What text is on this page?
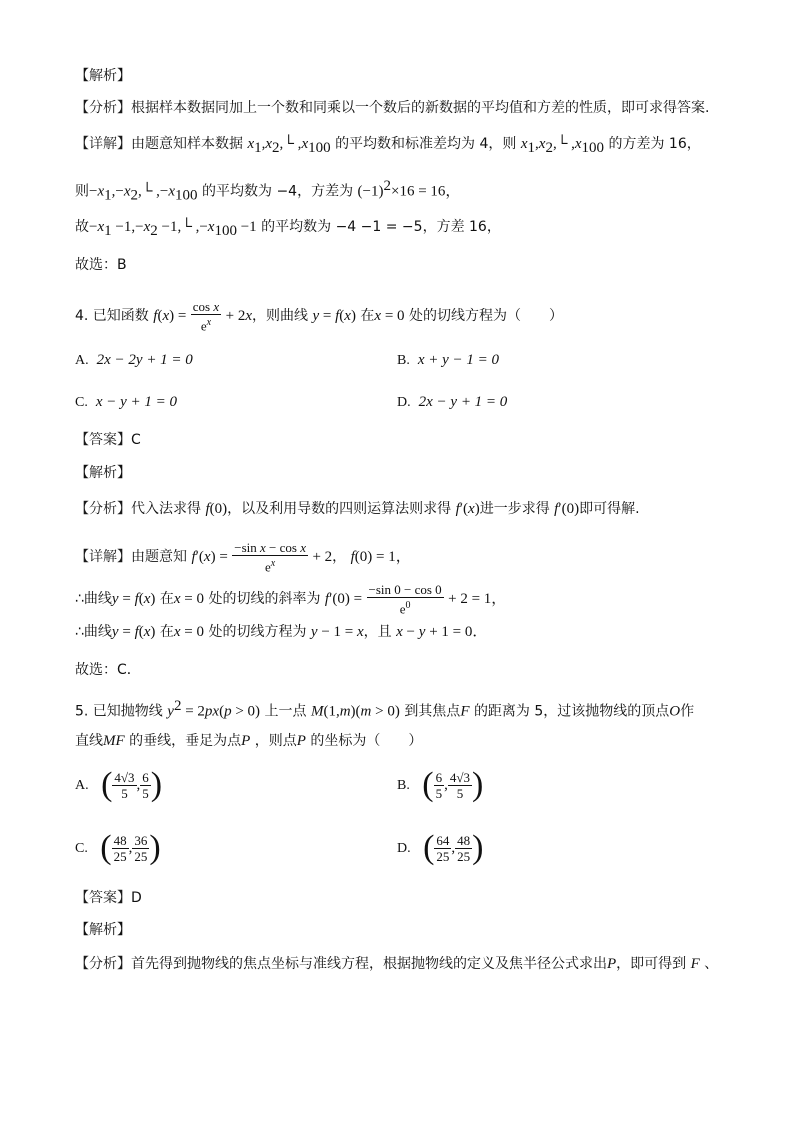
【解析】
【分析】根据样本数据同加上一个数和同乘以一个数后的新数据的平均值和方差的性质，即可求得答案.
【详解】由题意知样本数据 $x_1,x_2,└$ $,x_{100}$ 的平均数和标准差均为 4，则 $x_1,x_2,└$ $,x_{100}$ 的方差为 16，
则$-x_1,-x_2,└$ $,-x_{100}$ 的平均数为 −4，方差为 $(-1)^2\times 16 = 16$，
故$-x_1 -1,-x_2$ −1,└ $,-x_{100} -1$ 的平均数为 −4 −1 = −5，方差 16，
故选：B
4. 已知函数 $f(x) = \frac{\text{cos x}}{e^x} + 2x$，则曲线 y = f(x) 在x = 0 处的切线方程为（　　）
A. 2x − 2y + 1 = 0	B. x + y − 1 = 0
C. x − y + 1 = 0	D. 2x − y + 1 = 0
【答案】C
【解析】
【分析】代入法求得 f(0)，以及利用导数的四则运算法则求得 f′(x)进一步求得 f′(0)即可得解.
【详解】由题意知 $f'(x) = \frac{\text{−sin x − cos x}}{e^x} + 2$， f(0) = 1，
∴曲线y = f(x) 在x = 0 处的切线的斜率为 $f'(0) = \frac{-\sin 0 - \cos 0}{e^0} + 2 = 1$，
∴曲线y = f(x) 在x = 0 处的切线方程为 y − 1 = x，且 x − y + 1 = 0．
故选：C．
5. 已知抛物线 $y^2 = 2px(p > 0)$ 上一点 M(1,m)(m > 0) 到其焦点F 的距离为 5，过该抛物线的顶点O作
直线MF 的垂线，垂足为点P ，则点P 的坐标为（　　）
A. ( $\frac{4√3}{5}$ , $\frac{6}{5}$ )	B. ( $\frac{6}{5}$ , $\frac{4√3}{5}$ )
C. ( $\frac{48}{25}$ , $\frac{36}{25}$ )	D. ( $\frac{64}{25}$ , $\frac{48}{25}$ )
【答案】D
【解析】
【分析】首先得到抛物线的焦点坐标与准线方程，根据抛物线的定义及焦半径公式求出P，即可得到 F 、
